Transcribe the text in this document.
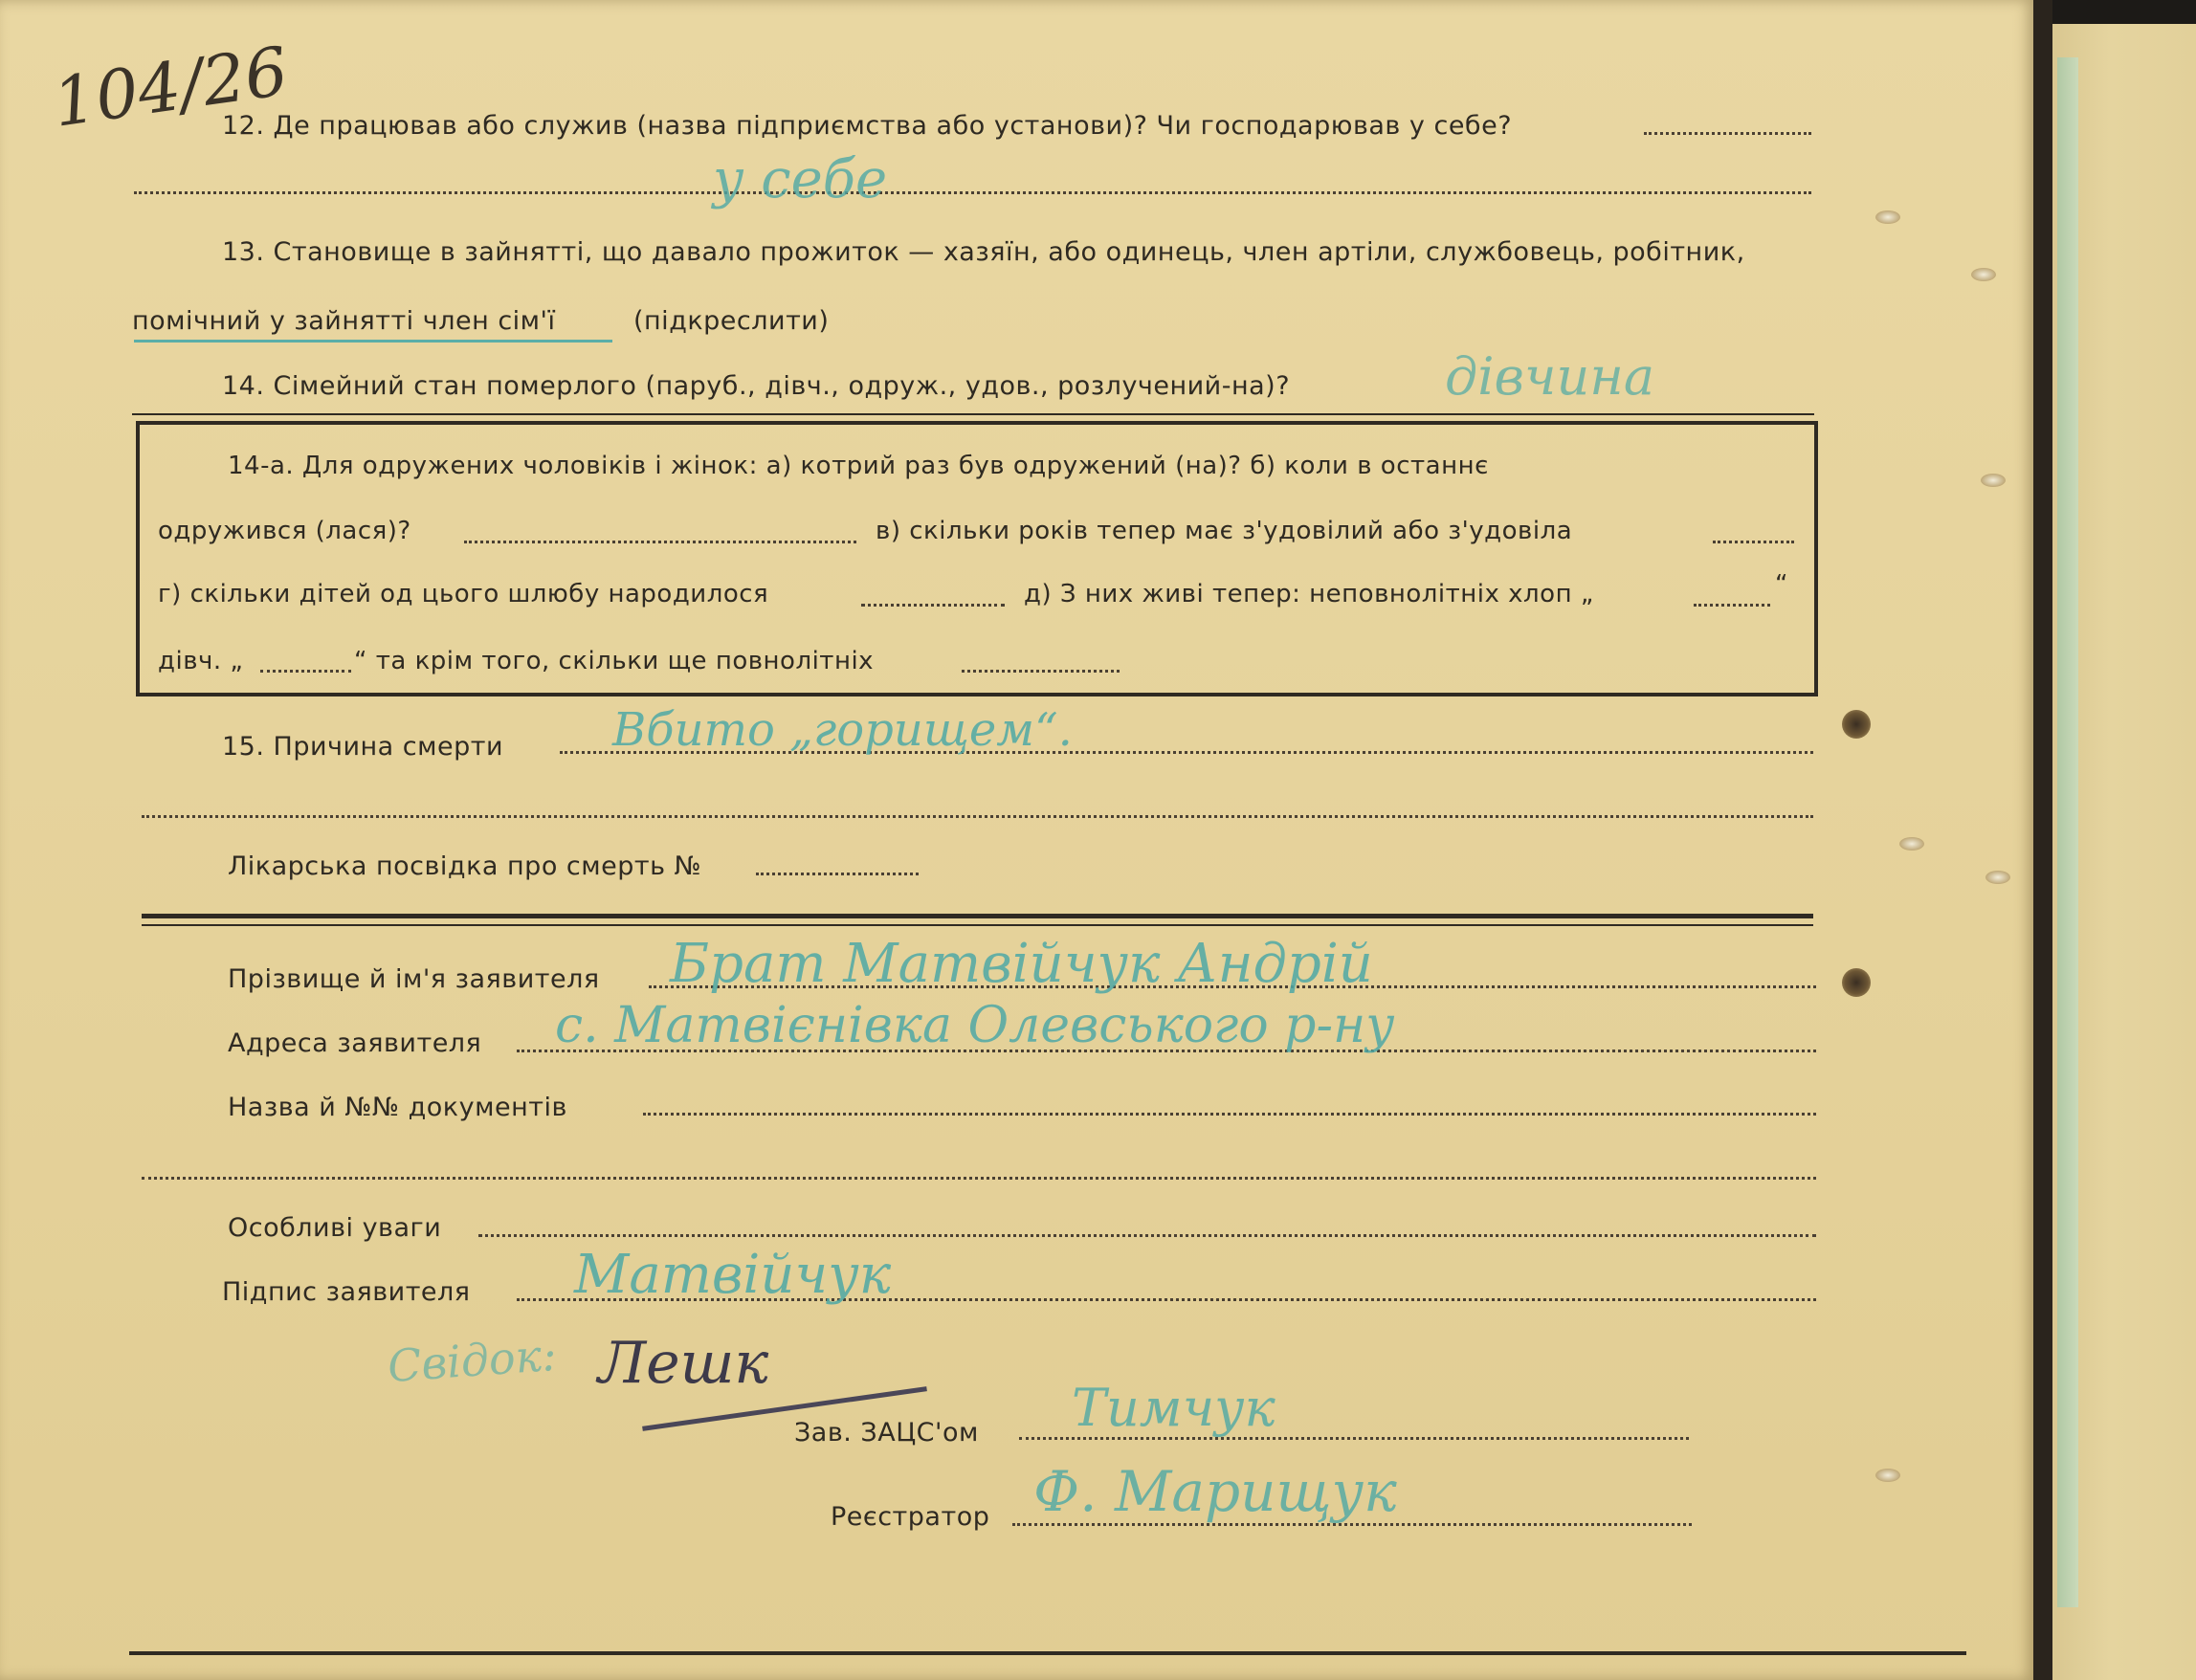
104/26
12. Де працював або служив (назва підприємства або установи)? Чи господарював у себе?
у себе
13. Становище в зайнятті, що давало прожиток — хазяїн, або одинець, член артіли, службовець, робітник,
помічний у зайнятті член сім'ї	(підкреслити)
14. Сімейний стан померлого (паруб., дівч., одруж., удов., розлучений-на)?	дівчина
14-а. Для одружених чоловіків і жінок: а) котрий раз був одружений (на)? б) коли в останнє
одружився (лася)?	в) скільки років тепер має з'удовілий або з'удовіла
г) скільки дітей од цього шлюбу народилося	д) З них живі тепер: неповнолітніх хлоп „	“
дівч. „	“ та крім того, скільки ще повнолітніх
15. Причина смерти Вбито „горищем“.
Лікарська посвідка про смерть №
Прізвище й ім'я заявителя Брат Матвійчук Андрій
Адреса заявителя с. Матвієнівка Олевського р-ну
Назва й №№ документів
Особливі уваги
Підпис заявителя Матвійчук
Свідок: Лешк
Зав. ЗАЦС'ом Тимчук
Реєстратор Ф. Марищук
